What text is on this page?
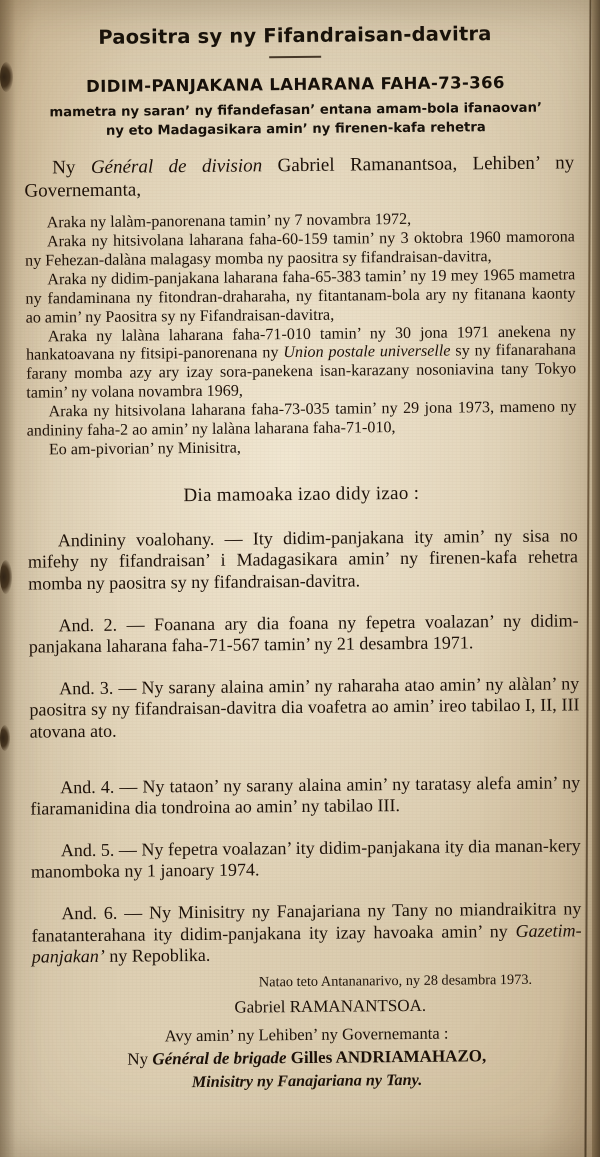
Paositra sy ny Fifandraisan-davitra
DIDIM-PANJAKANA LAHARANA FAHA-73-366

mametra ny saran’ ny fifandefasan’ entana amam-bola ifanaovan’
ny eto Madagasikara amin’ ny firenen-kafa rehetra

Ny Général de division Gabriel Ramanantsoa, Lehiben’ ny Governemanta,

Araka ny lalàm-panorenana tamin’ ny 7 novambra 1972,

Araka ny hitsivolana laharana faha-60-159 tamin’ ny 3 oktobra 1960 mamorona ny Fehezan-dalàna malagasy momba ny paositra sy fifandraisan-davitra,

Araka ny didim-panjakana laharana faha-65-383 tamin’ ny 19 mey 1965 mametra ny fandaminana ny fitondran-draharaha, ny fitantanam-bola ary ny fitanana kaonty ao amin’ ny Paositra sy ny Fifandraisan-davitra,

Araka ny lalàna laharana faha-71-010 tamin’ ny 30 jona 1971 anekena ny hankatoavana ny fitsipi-panorenana ny Union postale universelle sy ny fifanarahana farany momba azy ary izay sora-panekena isan-karazany nosoniavina tany Tokyo tamin’ ny volana novambra 1969,

Araka ny hitsivolana laharana faha-73-035 tamin’ ny 29 jona 1973, mameno ny andininy faha-2 ao amin’ ny lalàna laharana faha-71-010,

Eo am-pivorian’ ny Minisitra,

Dia mamoaka izao didy izao :

Andininy voalohany. — Ity didim-panjakana ity amin’ ny sisa no mifehy ny fifandraisan’ i Madagasikara amin’ ny firenen-kafa rehetra momba ny paositra sy ny fifandraisan-davitra.

And. 2. — Foanana ary dia foana ny fepetra voalazan’ ny didim-panjakana laharana faha-71-567 tamin’ ny 21 desambra 1971.

And. 3. — Ny sarany alaina amin’ ny raharaha atao amin’ ny alàlan’ ny paositra sy ny fifandraisan-davitra dia voafetra ao amin’ ireo tabilao I, II, III atovana ato.

And. 4. — Ny tataon’ ny sarany alaina amin’ ny taratasy alefa amin’ ny fiaramanidina dia tondroina ao amin’ ny tabilao III.

And. 5. — Ny fepetra voalazan’ ity didim-panjakana ity dia manan-kery manomboka ny 1 janoary 1974.

And. 6. — Ny Minisitry ny Fanajariana ny Tany no miandraikitra ny fanatanterahana ity didim-panjakana ity izay havoaka amin’ ny Gazetim-panjakan’ ny Repoblika.

Natao teto Antananarivo, ny 28 desambra 1973.

Gabriel RAMANANTSOA.

Avy amin’ ny Lehiben’ ny Governemanta :

Ny Général de brigade Gilles ANDRIAMAHAZO,

Minisitry ny Fanajariana ny Tany.
